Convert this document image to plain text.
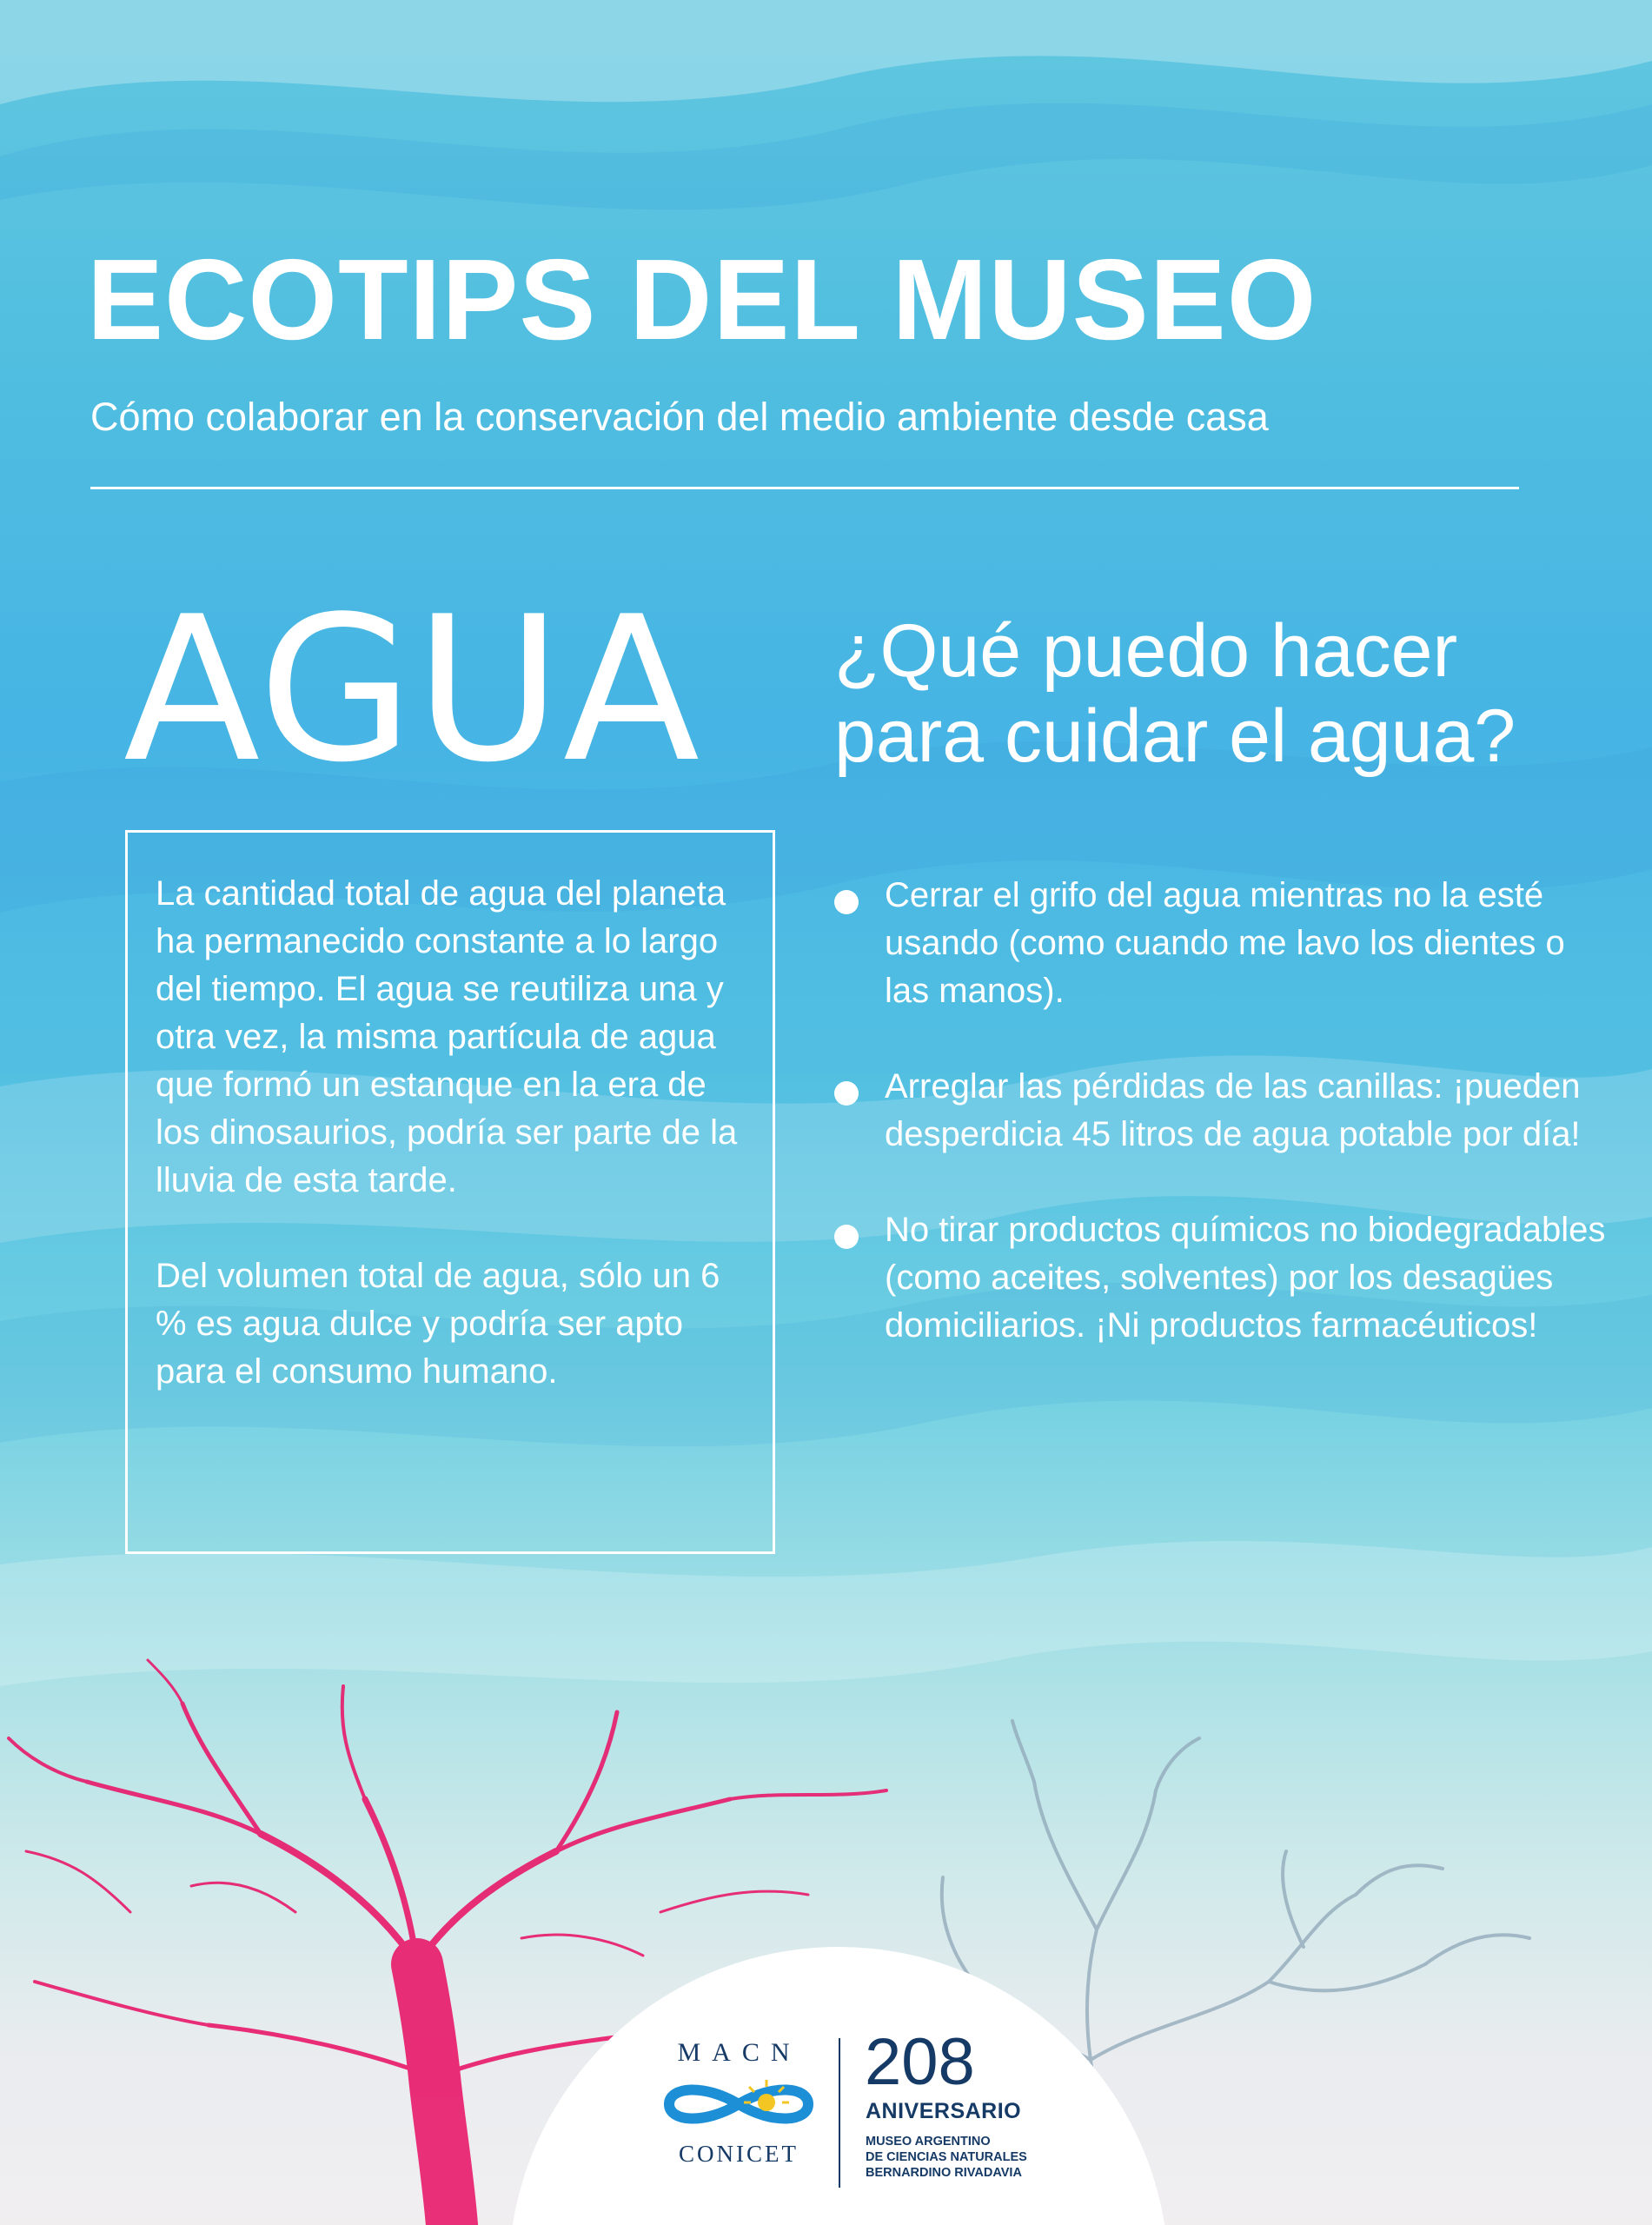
ECOTIPS DEL MUSEO
Cómo colaborar en la conservación del medio ambiente desde casa
AGUA ¿Qué puedo hacer
para cuidar el agua?

La cantidad total de agua del planeta ha permanecido constante a lo largo del tiempo. El agua se reutiliza una y otra vez, la misma partícula de agua que formó un estanque en la era de los dinosaurios, podría ser parte de la lluvia de esta tarde.

Del volumen total de agua, sólo un 6 % es agua dulce y podría ser apto para el consumo humano.

Cerrar el grifo del agua mientras no la esté usando (como cuando me lavo los dientes o las manos).
Arreglar las pérdidas de las canillas: ¡pueden desperdicia 45 litros de agua potable por día!
No tirar productos químicos no biodegradables (como aceites, solventes) por los desagües domiciliarios. ¡Ni productos farmacéuticos!
MACN
CONICET
208
ANIVERSARIO
MUSEO ARGENTINO
DE CIENCIAS NATURALES
BERNARDINO RIVADAVIA
